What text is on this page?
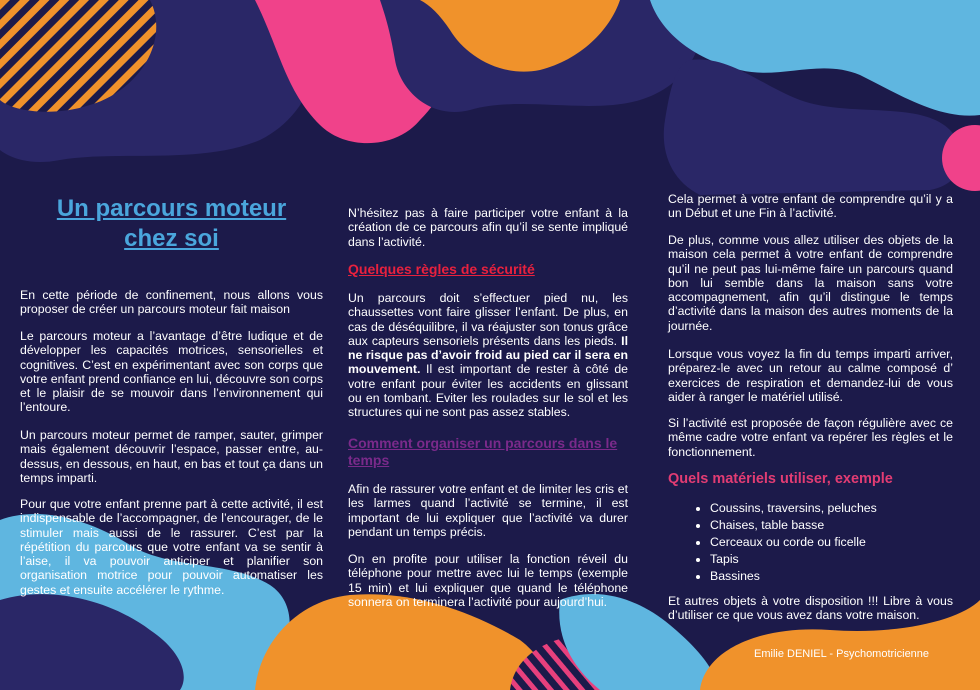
Un parcours moteur
chez soi

En cette période de confinement, nous allons vous proposer de créer un parcours moteur fait maison

Le parcours moteur a l’avantage d’être ludique et de développer les capacités motrices, sensorielles et cognitives. C’est en expérimentant avec son corps que votre enfant prend confiance en lui, découvre son corps et le plaisir de se mouvoir dans l’environnement qui l’entoure.

Un parcours moteur permet de ramper, sauter, grimper mais également découvrir l’espace, passer entre, au-dessus, en dessous, en haut, en bas et tout ça dans un temps imparti.

Pour que votre enfant prenne part à cette activité, il est indispensable de l’accompagner, de l’encourager, de le stimuler mais aussi de le rassurer. C’est par la répétition du parcours que votre enfant va se sentir à l’aise, il va pouvoir anticiper et planifier son organisation motrice pour pouvoir automatiser les gestes et ensuite accélérer le rythme.

N’hésitez pas à faire participer votre enfant à la création de ce parcours afin qu’il se sente impliqué dans l’activité.

Quelques règles de sécurité

Un parcours doit s’effectuer pied nu, les chaussettes vont faire glisser l’enfant. De plus, en cas de déséquilibre, il va réajuster son tonus grâce aux capteurs sensoriels présents dans les pieds. Il ne risque pas d’avoir froid au pied car il sera en mouvement. Il est important de rester à côté de votre enfant pour éviter les accidents en glissant ou en tombant. Eviter les roulades sur le sol et les structures qui ne sont pas assez stables.

Comment organiser un parcours dans le temps

Afin de rassurer votre enfant et de limiter les cris et les larmes quand l’activité se termine, il est important de lui expliquer que l’activité va durer pendant un temps précis.

On en profite pour utiliser la fonction réveil du téléphone pour mettre avec lui le temps (exemple 15 min) et lui expliquer que quand le téléphone sonnera on terminera l’activité pour aujourd’hui.

Cela permet à votre enfant de comprendre qu’il y a un Début et une Fin à l’activité.

De plus, comme vous allez utiliser des objets de la maison cela permet à votre enfant de comprendre qu’il ne peut pas lui-même faire un parcours quand bon lui semble dans la maison sans votre accompagnement, afin qu’il distingue le temps d’activité dans la maison des autres moments de la journée.

Lorsque vous voyez la fin du temps imparti arriver, préparez-le avec un retour au calme composé d’ exercices de respiration et demandez-lui de vous aider à ranger le matériel utilisé.

Si l’activité est proposée de façon régulière avec ce même cadre votre enfant va repérer les règles et le fonctionnement.

Quels matériels utiliser, exemple
• Coussins, traversins, peluches
• Chaises, table basse
• Cerceaux ou corde ou ficelle
• Tapis
• Bassines

Et autres objets à votre disposition !!! Libre à vous d’utiliser ce que vous avez dans votre maison.

Emilie DENIEL - Psychomotricienne
